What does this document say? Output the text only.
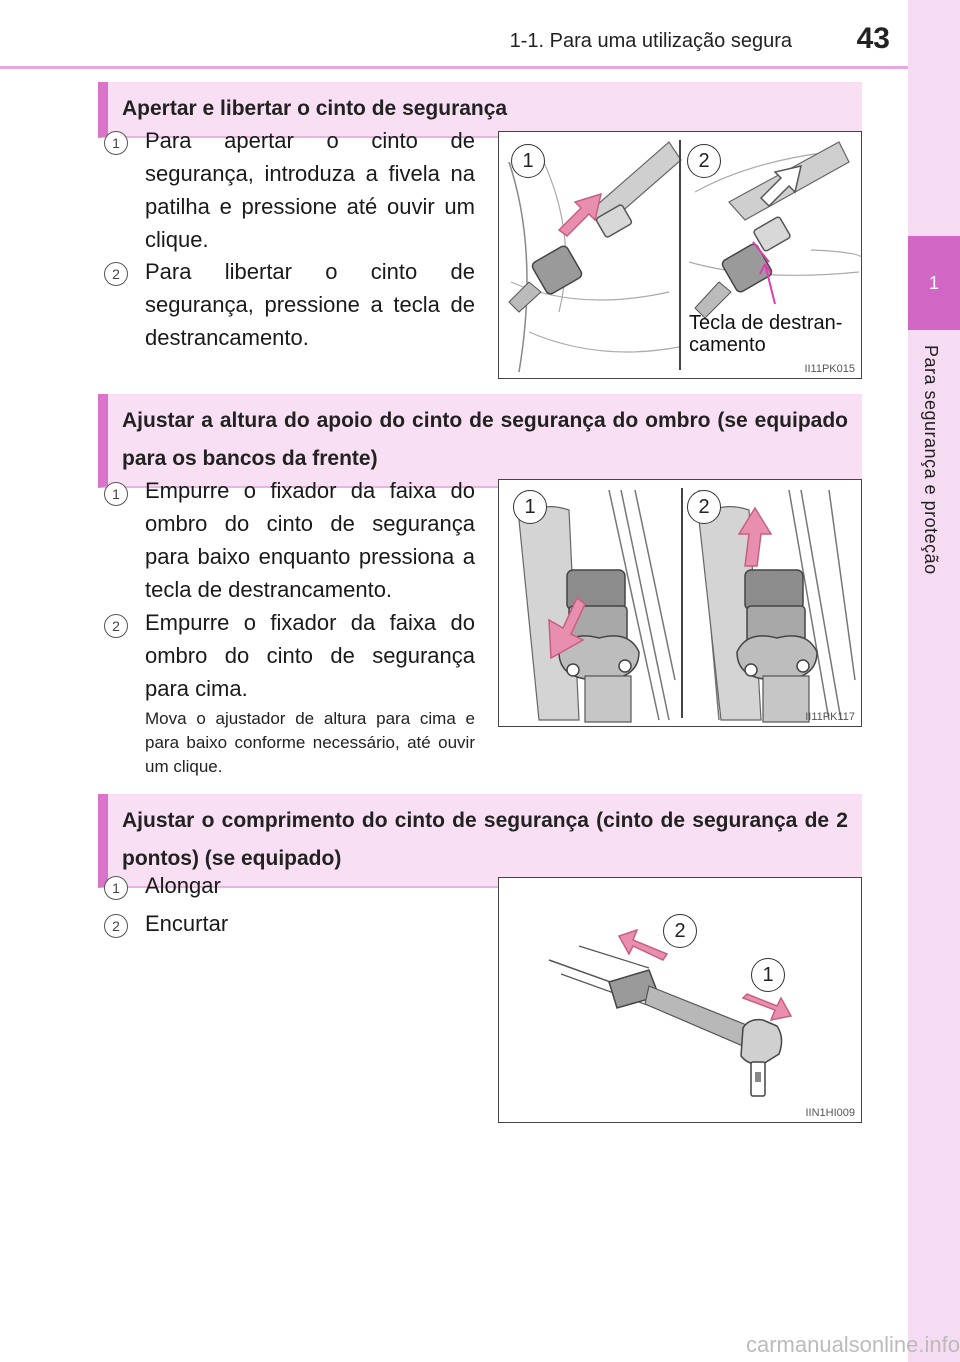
1-1. Para uma utilização segura 43
1
Para segurança e proteção
Apertar e libertar o cinto de segurança
1	Para apertar o cinto de segurança, introduza a fivela na patilha e pressione até ouvir um clique.
2	Para libertar o cinto de segurança, pressione a tecla de destrancamento.
1	2
Tecla de destran-
camento
II11PK015
Ajustar a altura do apoio do cinto de segurança do ombro (se equipado para os bancos da frente)
1	Empurre o fixador da faixa do ombro do cinto de segurança para baixo enquanto pressiona a tecla de destrancamento.
2	Empurre o fixador da faixa do ombro do cinto de segurança para cima.
Mova o ajustador de altura para cima e para baixo conforme necessário, até ouvir um clique.
1	2
II11PK117
Ajustar o comprimento do cinto de segurança (cinto de segurança de 2 pontos) (se equipado)
1	Alongar
2	Encurtar	2
1
IIN1HI009
carmanualsonline.info
